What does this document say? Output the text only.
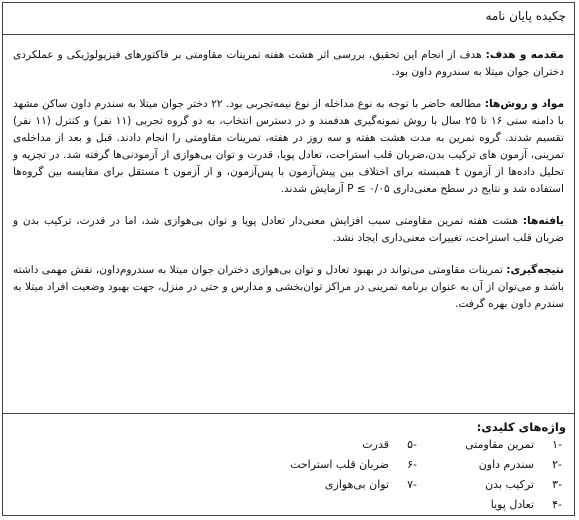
چکیده پایان نامه

مقدمه و هدف: هدف از انجام این تحقیق، بررسی اثر هشت هفته تمرینات مقاومتی بر فاکتورهای فیزیولوژیکی و عملکردی دختران جوان میتلا به سندروم داون بود.

مواد و روش‌ها: مطالعه حاضر با توجه به نوع مداخله از نوع نیمه‌تجربی بود. ۲۲ دختر جوان میتلا به سندرم داون ساکن مشهد با دامنه سنی ۱۶ تا ۲۵ سال با روش نمونه‌گیری هدفمند و در دسترس انتخاب، به دو گروه تجربی (۱۱ نفر) و کنترل (۱۱ نفر) تقسیم شدند. گروه تمرین به مدت هشت هفته و سه روز در هفته، تمرینات مقاومتی را انجام دادند. قبل و بعد از مداخله‌ی تمرینی، آزمون های ترکیب بدن،ضربان قلب استراحت، تعادل پویا، قدرت و توان بی‌هوازی از آزمودنی‌ها گرفته شد. در تجزیه و تحلیل داده‌ها از آزمون t همبسته برای اختلاف بین پیش‌آزمون با پس‌آزمون، و از آزمون t مستقل برای مقایسه بین گروه‌ها استفاده شد و نتایج در سطح معنی‌داری P ≤ ۰/۰۵ آزمایش شدند.

یافته‌ها: هشت هفته تمرین مقاومتی سبب افزایش معنی‌دار تعادل پویا و توان بی‌هوازی شد، اما در قدرت، ترکیب بدن و ضربان قلب استراحت، تغییرات معنی‌داری ایجاد نشد.

نتیجه‌گیری: تمرینات مقاومتی می‌تواند در بهبود تعادل و توان بی‌هوازی دختران جوان میتلا به سندروم‌داون، نقش مهمی داشته باشد و می‌توان از آن به عنوان برنامه تمرینی در مراکز توان‌بخشی و مدارس و حتی در منزل، جهت بهبود وضعیت افراد میتلا به سندرم داون بهره گرفت.

واژه‌های کلیدی:
-۱
تمرین مقاومتی
-۲
سندرم داون
-۳
ترکیب بدن
-۴
تعادل پویا
-۵
قدرت
-۶
ضربان قلب استراحت
-۷
توان بی‌هوازی
